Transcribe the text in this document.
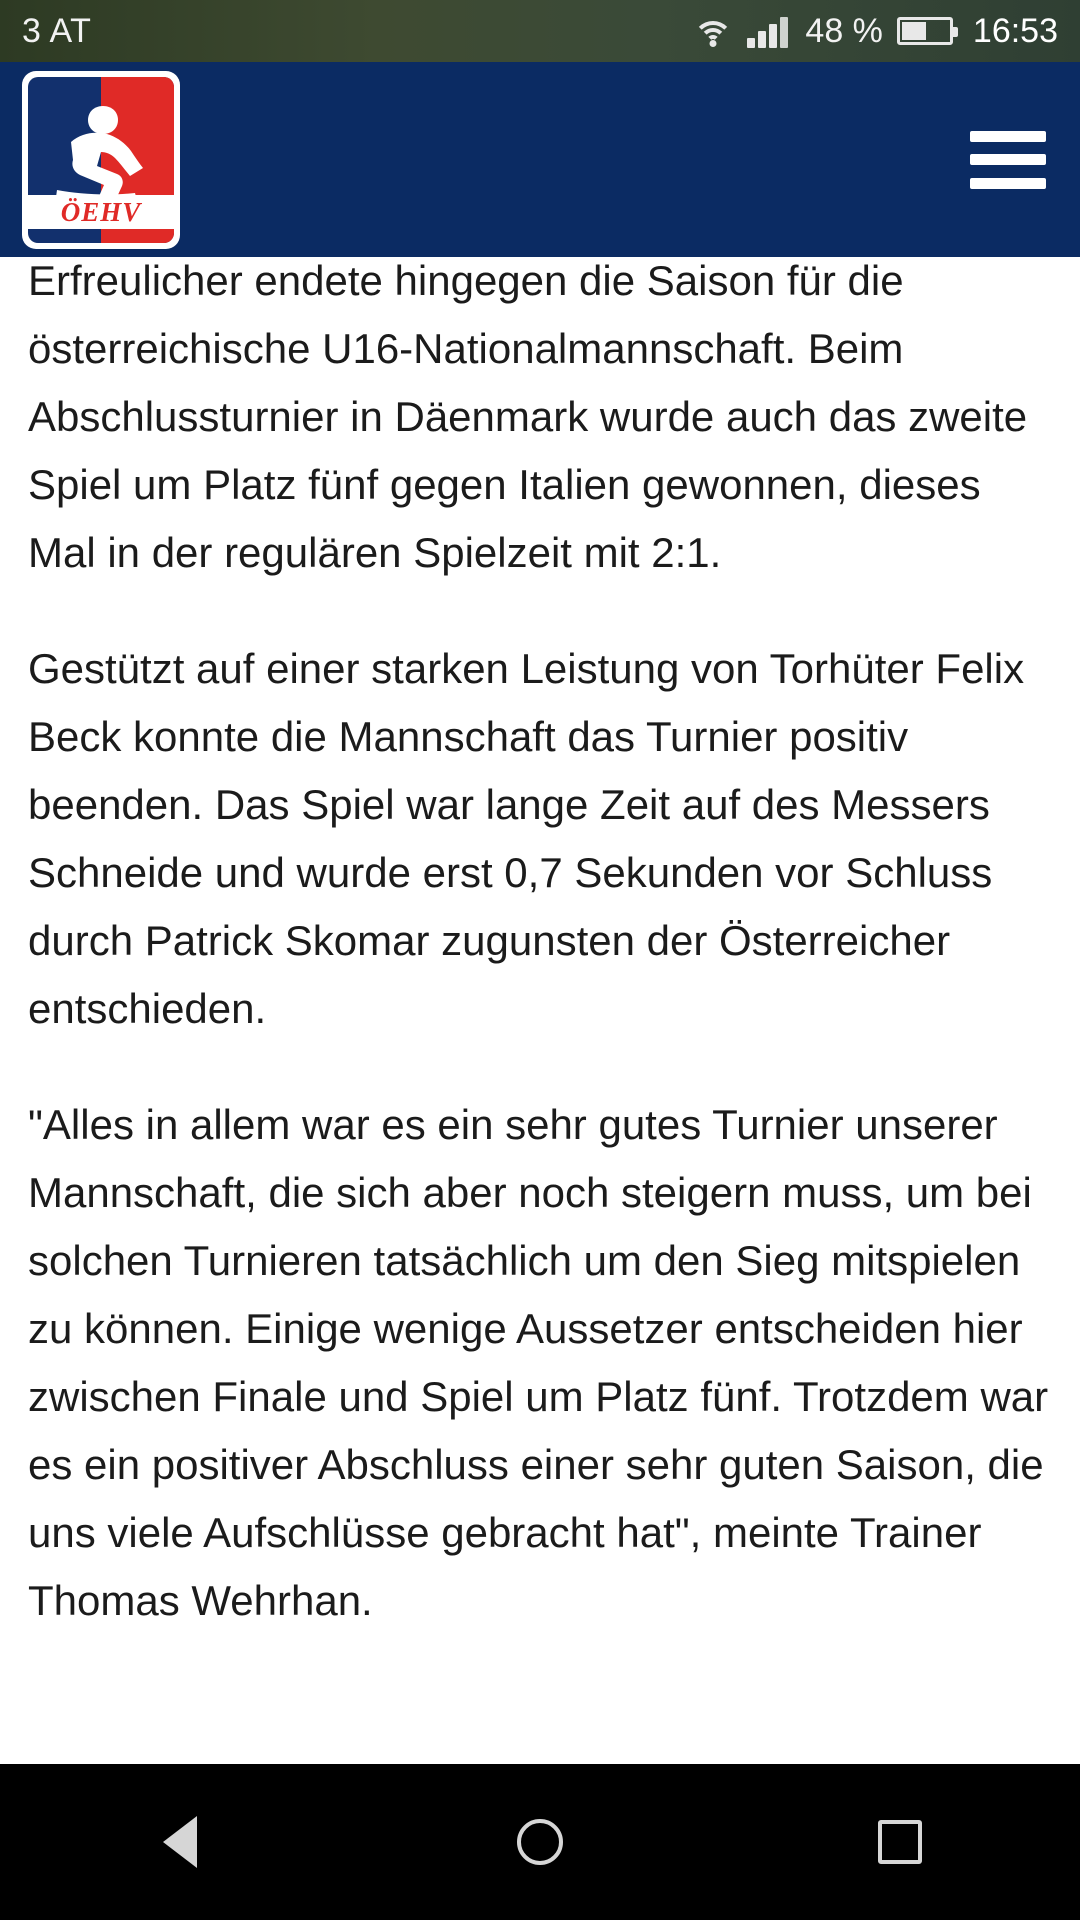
3 AT	48 %	16:53
ÖEHV

Erfreulicher endete hingegen die Saison für die österreichische U16-Nationalmannschaft. Beim Abschlussturnier in Däenmark wurde auch das zweite Spiel um Platz fünf gegen Italien gewonnen, dieses Mal in der regulären Spielzeit mit 2:1.

Gestützt auf einer starken Leistung von Torhüter Felix Beck konnte die Mannschaft das Turnier positiv beenden. Das Spiel war lange Zeit auf des Messers Schneide und wurde erst 0,7 Sekunden vor Schluss durch Patrick Skomar zugunsten der Österreicher entschieden.

"Alles in allem war es ein sehr gutes Turnier unserer Mannschaft, die sich aber noch steigern muss, um bei solchen Turnieren tatsächlich um den Sieg mitspielen zu können. Einige wenige Aussetzer entscheiden hier zwischen Finale und Spiel um Platz fünf. Trotzdem war es ein positiver Abschluss einer sehr guten Saison, die uns viele Aufschlüsse gebracht hat", meinte Trainer Thomas Wehrhan.
